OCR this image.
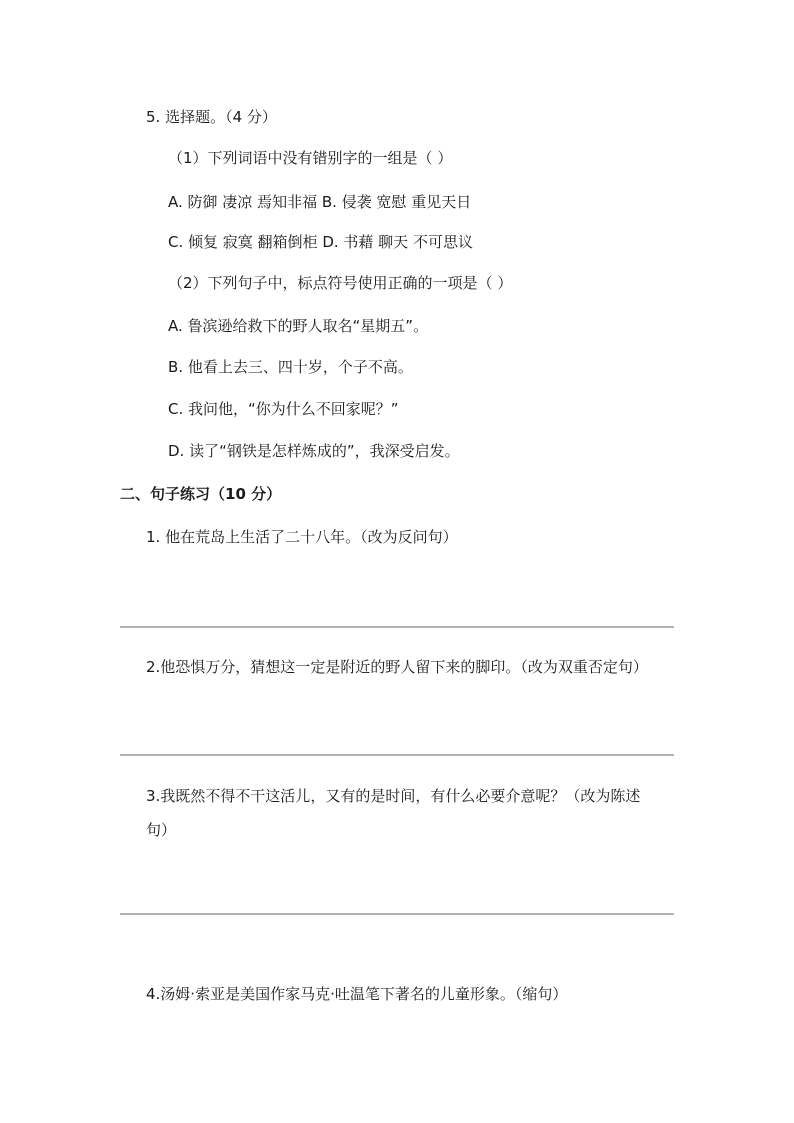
5. 选择题。（4 分）
（1）下列词语中没有错别字的一组是（ ）
A. 防御 凄凉 焉知非福 B. 侵袭 宽慰 重见天日
C. 倾复 寂寞 翻箱倒柜 D. 书藉 聊天 不可思议
（2）下列句子中，标点符号使用正确的一项是（ ）
A. 鲁滨逊给救下的野人取名“星期五”。
B. 他看上去三、四十岁，个子不高。
C. 我问他，“你为什么不回家呢？”
D. 读了“钢铁是怎样炼成的”，我深受启发。
二、句子练习（10 分）
1. 他在荒岛上生活了二十八年。（改为反问句）
2.他恐惧万分，猜想这一定是附近的野人留下来的脚印。（改为双重否定句）
3.我既然不得不干这活儿，又有的是时间，有什么必要介意呢？（改为陈述
句）
4.汤姆·索亚是美国作家马克·吐温笔下著名的儿童形象。（缩句）
